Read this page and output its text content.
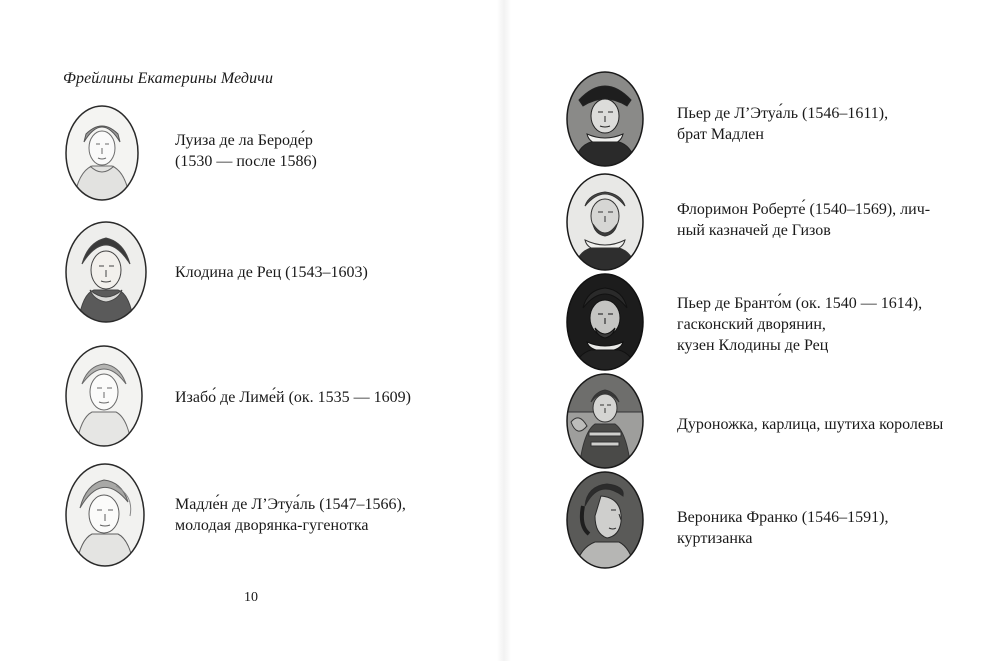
Фрейлины Екатерины Медичи
Луиза де ла Бероде́р
(1530 — после 1586)
Клодина де Рец (1543–1603)
Изабо́ де Лиме́й (ок. 1535 — 1609)
Мадле́н де Л’Этуа́ль (1547–1566),
молодая дворянка-гугенотка
10
Пьер де Л’Этуа́ль (1546–1611),
брат Мадлен
Флоримон Роберте́ (1540–1569), лич-
ный казначей де Гизов
Пьер де Бранто́м (ок. 1540 — 1614),
гасконский дворянин,
кузен Клодины де Рец
Дуроножка, карлица, шутиха королевы
Вероника Франко (1546–1591),
куртизанка
